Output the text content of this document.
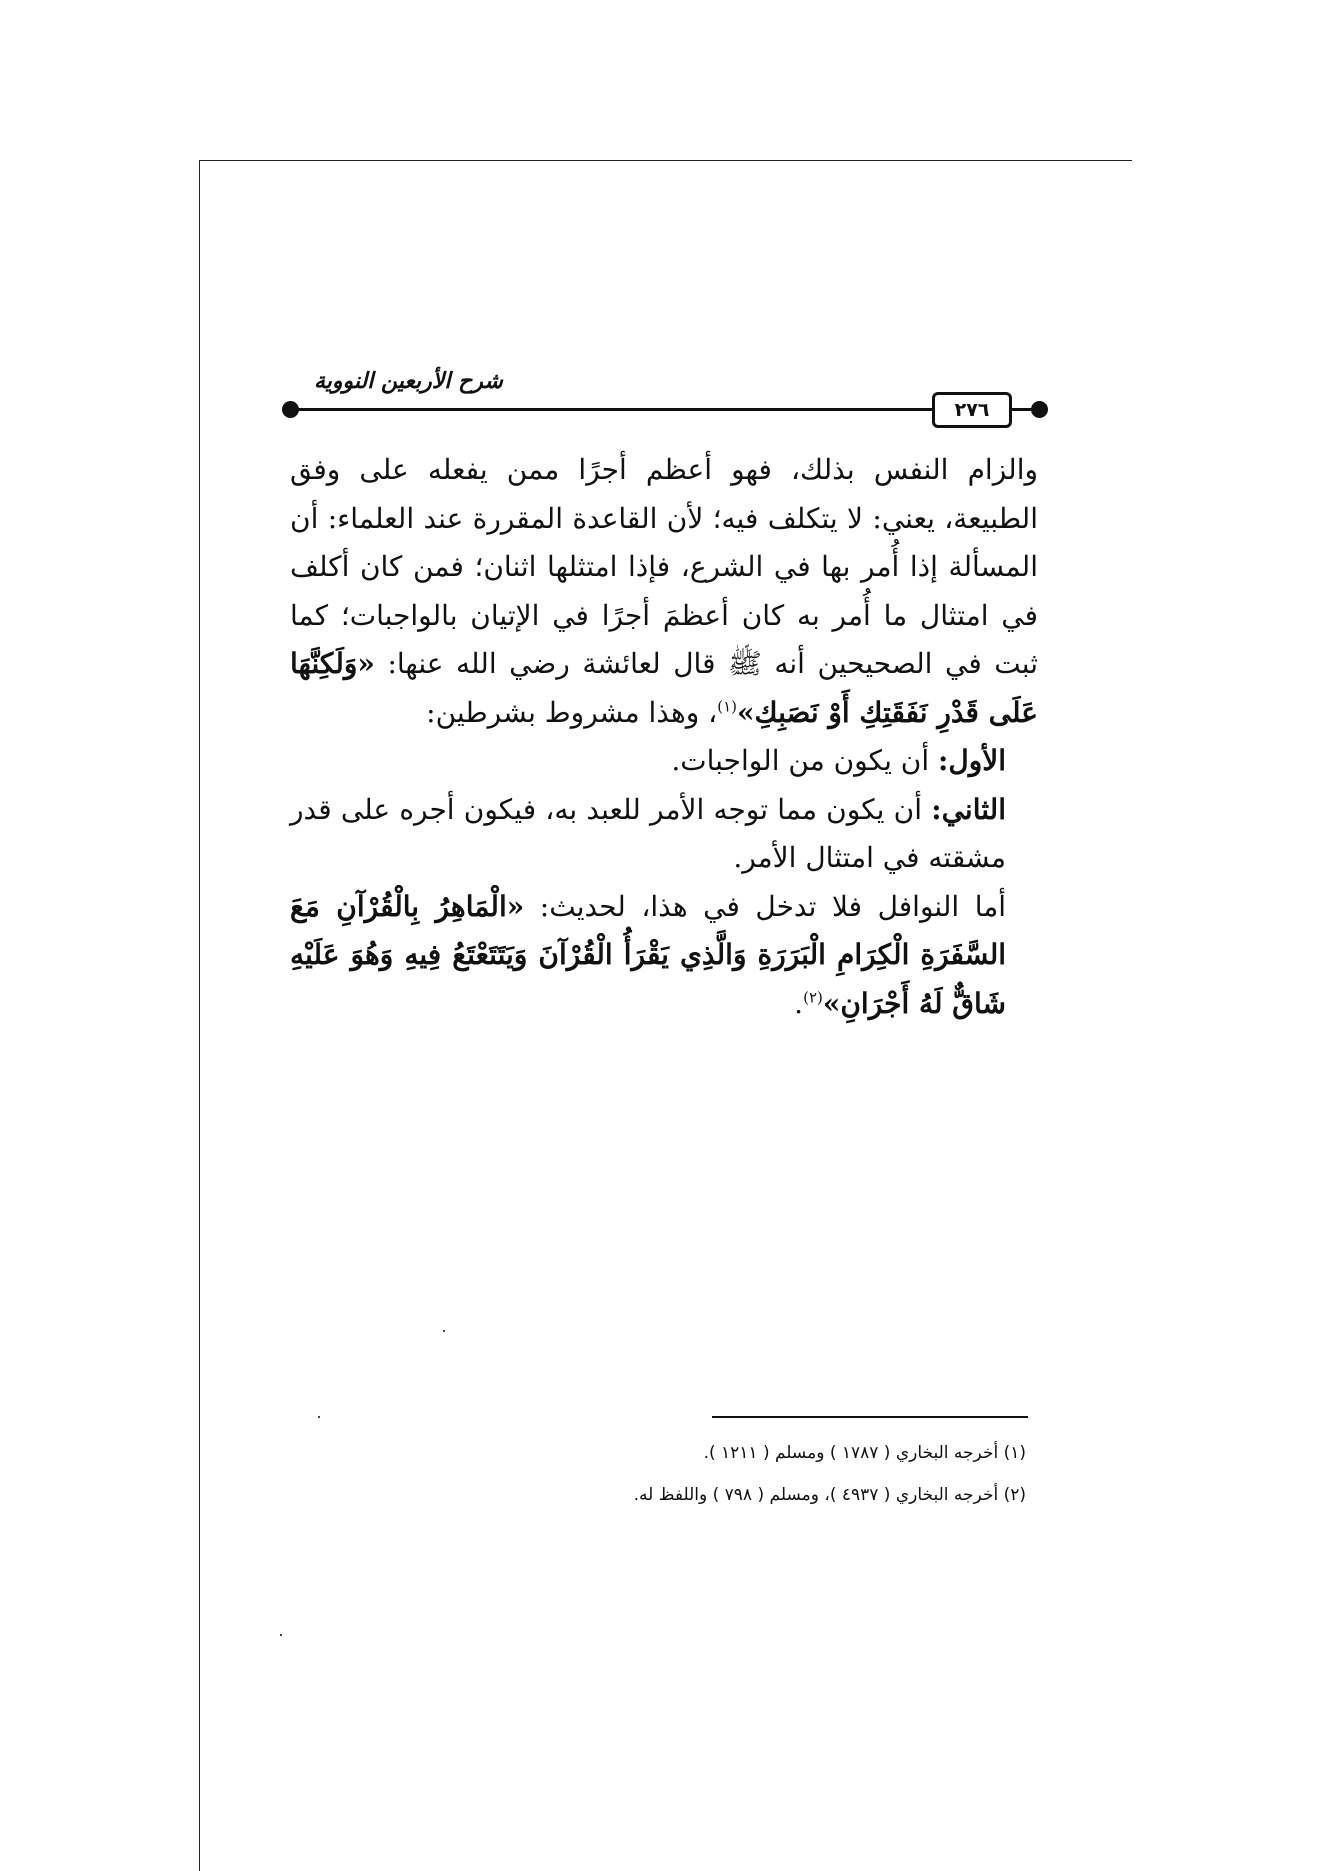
شرح الأربعين النووية
٢٧٦

والزام النفس بذلك، فهو أعظم أجرًا ممن يفعله على وفق الطبيعة، يعني: لا يتكلف فيه؛ لأن القاعدة المقررة عند العلماء: أن المسألة إذا أُمر بها في الشرع، فإذا امتثلها اثنان؛ فمن كان أكلف في امتثال ما أُمر به كان أعظمَ أجرًا في الإتيان بالواجبات؛ كما ثبت في الصحيحين أنه ﷺ قال لعائشة رضي الله عنها: «وَلَكِنَّهَا عَلَى قَدْرِ نَفَقَتِكِ أَوْ نَصَبِكِ»$^{(١)}$، وهذا مشروط بشرطين:

الأول: أن يكون من الواجبات.

الثاني: أن يكون مما توجه الأمر للعبد به، فيكون أجره على قدر مشقته في امتثال الأمر.

أما النوافل فلا تدخل في هذا، لحديث: «الْمَاهِرُ بِالْقُرْآنِ مَعَ السَّفَرَةِ الْكِرَامِ الْبَرَرَةِ وَالَّذِي يَقْرَأُ الْقُرْآنَ وَيَتَتَعْتَعُ فِيهِ وَهُوَ عَلَيْهِ شَاقٌّ لَهُ أَجْرَانِ»$^{(٢)}$.

(١) أخرجه البخاري ( ١٧٨٧ ) ومسلم ( ١٢١١ ).

(٢) أخرجه البخاري ( ٤٩٣٧ )، ومسلم ( ٧٩٨ ) واللفظ له.
